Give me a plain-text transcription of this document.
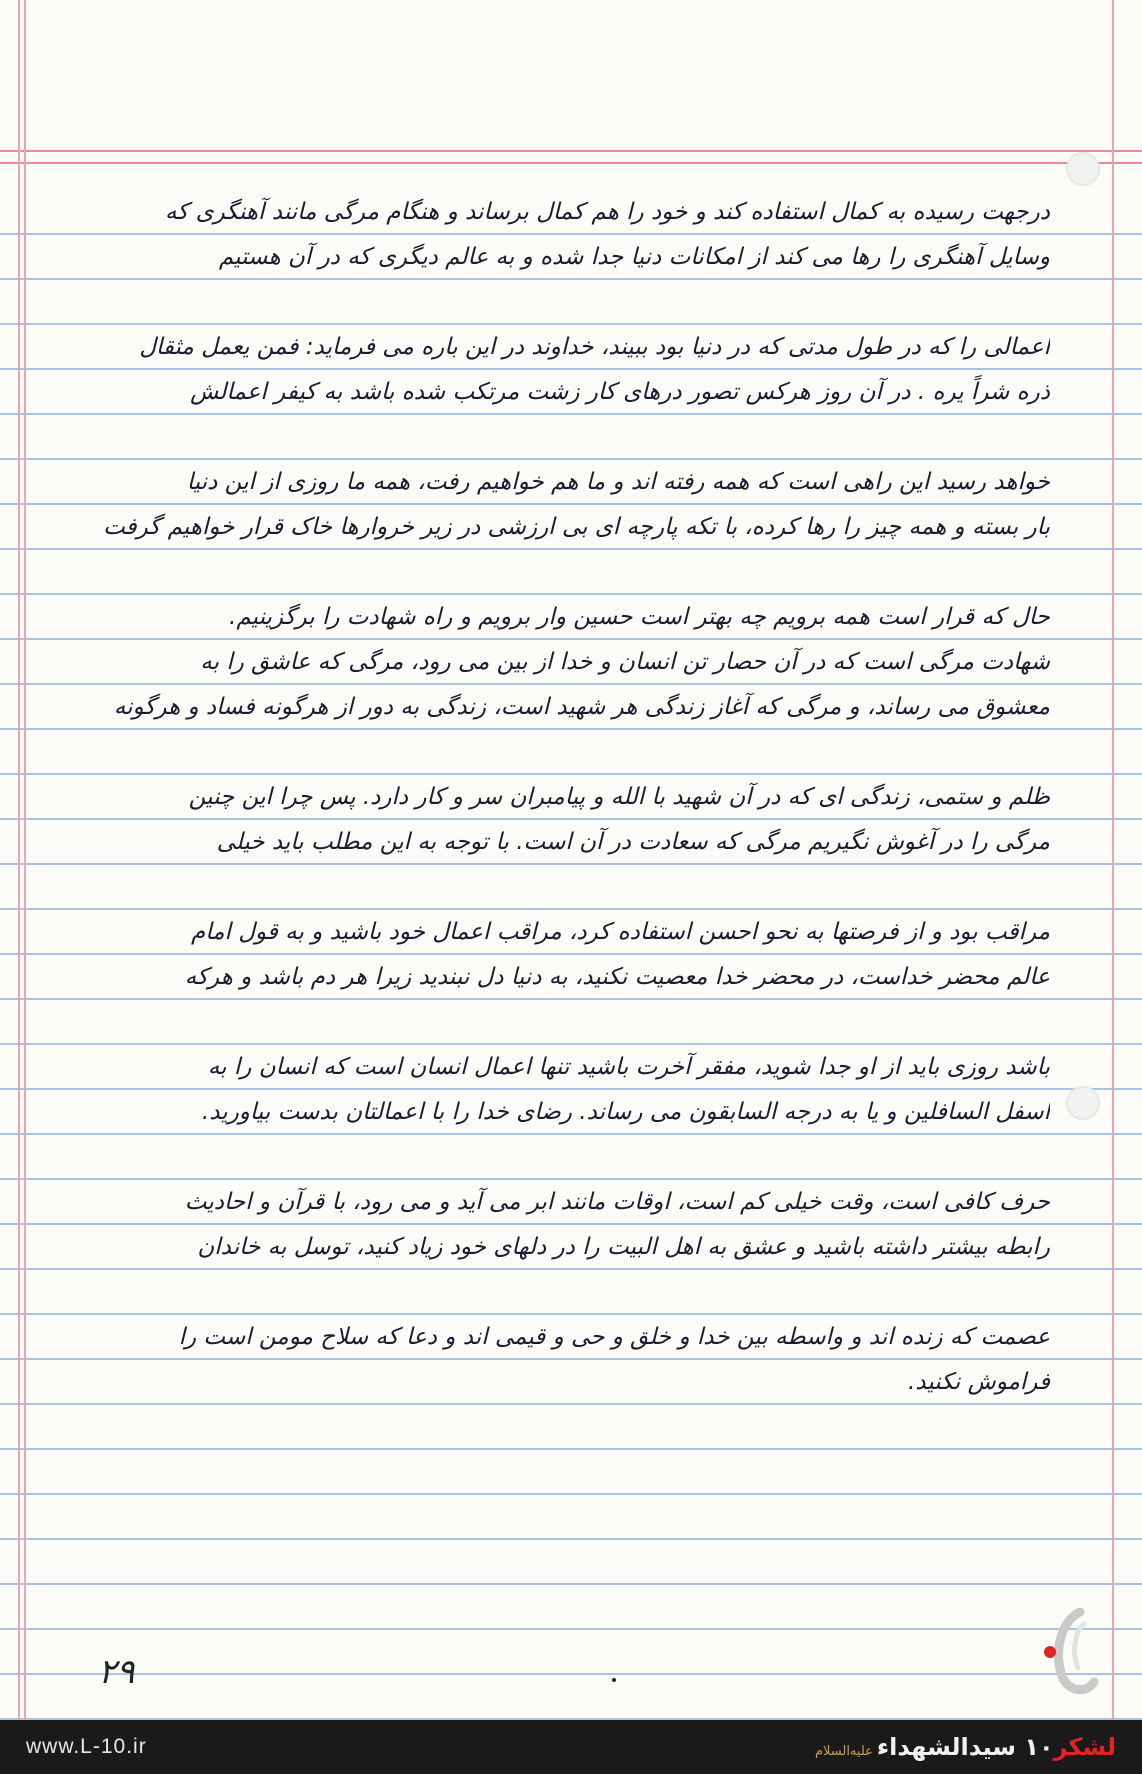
درجهت رسیده به کمال استفاده کند و خود را هم کمال برساند و هنگام مرگی مانند آهنگری که
وسایل آهنگری را رها می کند از امکانات دنیا جدا شده و به عالم دیگری که در آن هستیم
اعمالی را که در طول مدتی که در دنیا بود ببیند، خداوند در این باره می فرماید: فمن یعمل مثقال
ذره شراً یره . در آن روز هرکس تصور درهای کار زشت مرتکب شده باشد به کیفر اعمالش
خواهد رسید این راهی است که همه رفته اند و ما هم خواهیم رفت، همه ما روزی از این دنیا
بار بسته و همه چیز را رها کرده، با تکه پارچه ای بی ارزشی در زیر خروارها خاک قرار خواهیم گرفت
حال که قرار است همه برویم چه بهتر است حسین وار برویم و راه شهادت را برگزینیم.
شهادت مرگی است که در آن حصار تن انسان و خدا از بین می رود، مرگی که عاشق را به
معشوق می رساند، و مرگی که آغاز زندگی هر شهید است، زندگی به دور از هرگونه فساد و هرگونه
ظلم و ستمی، زندگی ای که در آن شهید با الله و پیامبران سر و کار دارد. پس چرا این چنین
مرگی را در آغوش نگیریم مرگی که سعادت در آن است. با توجه به این مطلب باید خیلی
مراقب بود و از فرصتها به نحو احسن استفاده کرد، مراقب اعمال خود باشید و به قول امام
عالم محضر خداست، در محضر خدا معصیت نکنید، به دنیا دل نبندید زیرا هر دم باشد و هرکه
باشد روزی باید از او جدا شوید، مفقر آخرت باشید تنها اعمال انسان است که انسان را به
اسفل السافلین و یا به درجه السابقون می رساند. رضای خدا را با اعمالتان بدست بیاورید.
حرف کافی است، وقت خیلی کم است، اوقات مانند ابر می آید و می رود، با قرآن و احادیث
رابطه بیشتر داشته باشید و عشق به اهل البیت را در دلهای خود زیاد کنید، توسل به خاندان
عصمت که زنده اند و واسطه بین خدا و خلق و حی و قیمی اند و دعا که سلاح مومن است را
فراموش نکنید.
۲۹
www.L-10.ir	لشکر۱۰ سیدالشهداءعلیه‌السلام
